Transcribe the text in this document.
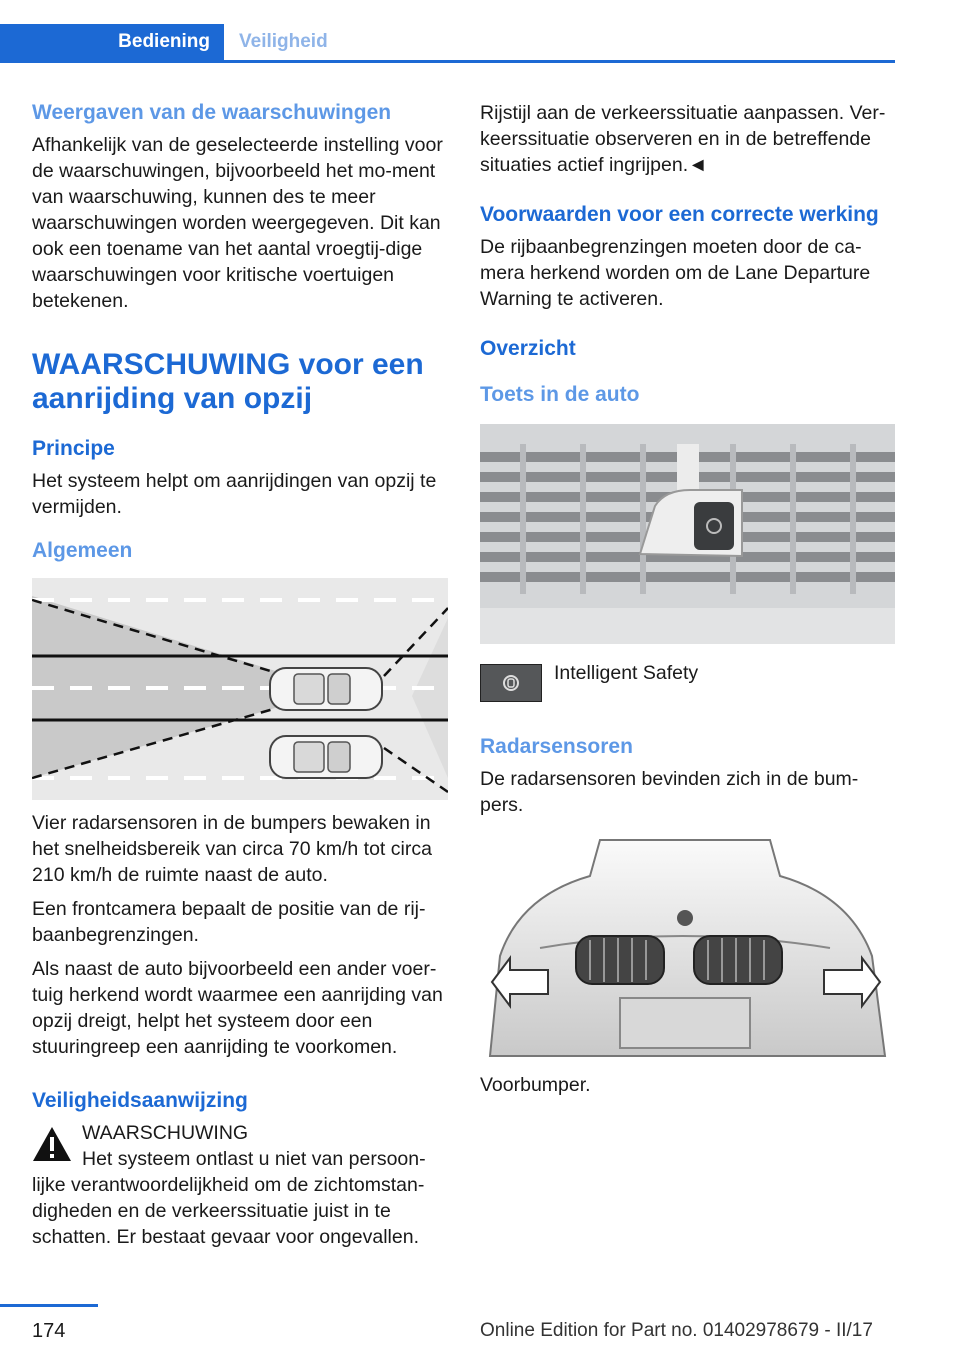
Bediening	Veiligheid
Weergaven van de waarschuwingen

Afhankelijk van de geselecteerde instelling voor de waarschuwingen, bijvoorbeeld het mo-ment van waarschuwing, kunnen des te meer waarschuwingen worden weergegeven. Dit kan ook een toename van het aantal vroegtij-dige waarschuwingen voor kritische voertuigen betekenen.

WAARSCHUWING voor een aanrijding van opzij
Principe

Het systeem helpt om aanrijdingen van opzij te vermijden.

Algemeen

Vier radarsensoren in de bumpers bewaken in het snelheidsbereik van circa 70 km/h tot circa 210 km/h de ruimte naast de auto.

Een frontcamera bepaalt de positie van de rij-baanbegrenzingen.

Als naast de auto bijvoorbeeld een ander voer-tuig herkend wordt waarmee een aanrijding van opzij dreigt, helpt het systeem door een stuuringreep een aanrijding te voorkomen.

Veiligheidsaanwijzing

WAARSCHUWING

Het systeem ontlast u niet van persoon-lijke verantwoordelijkheid om de zichtomstan-digheden en de verkeerssituatie juist in te schatten. Er bestaat gevaar voor ongevallen.

Rijstijl aan de verkeerssituatie aanpassen. Ver-keerssituatie observeren en in de betreffende situaties actief ingrijpen.◄

Voorwaarden voor een correcte werking

De rijbaanbegrenzingen moeten door de ca-mera herkend worden om de Lane Departure Warning te activeren.

Overzicht
Toets in de auto
Intelligent Safety
Radarsensoren

De radarsensoren bevinden zich in de bum-pers.

Voorbumper.

174	Online Edition for Part no. 01402978679 - II/17
